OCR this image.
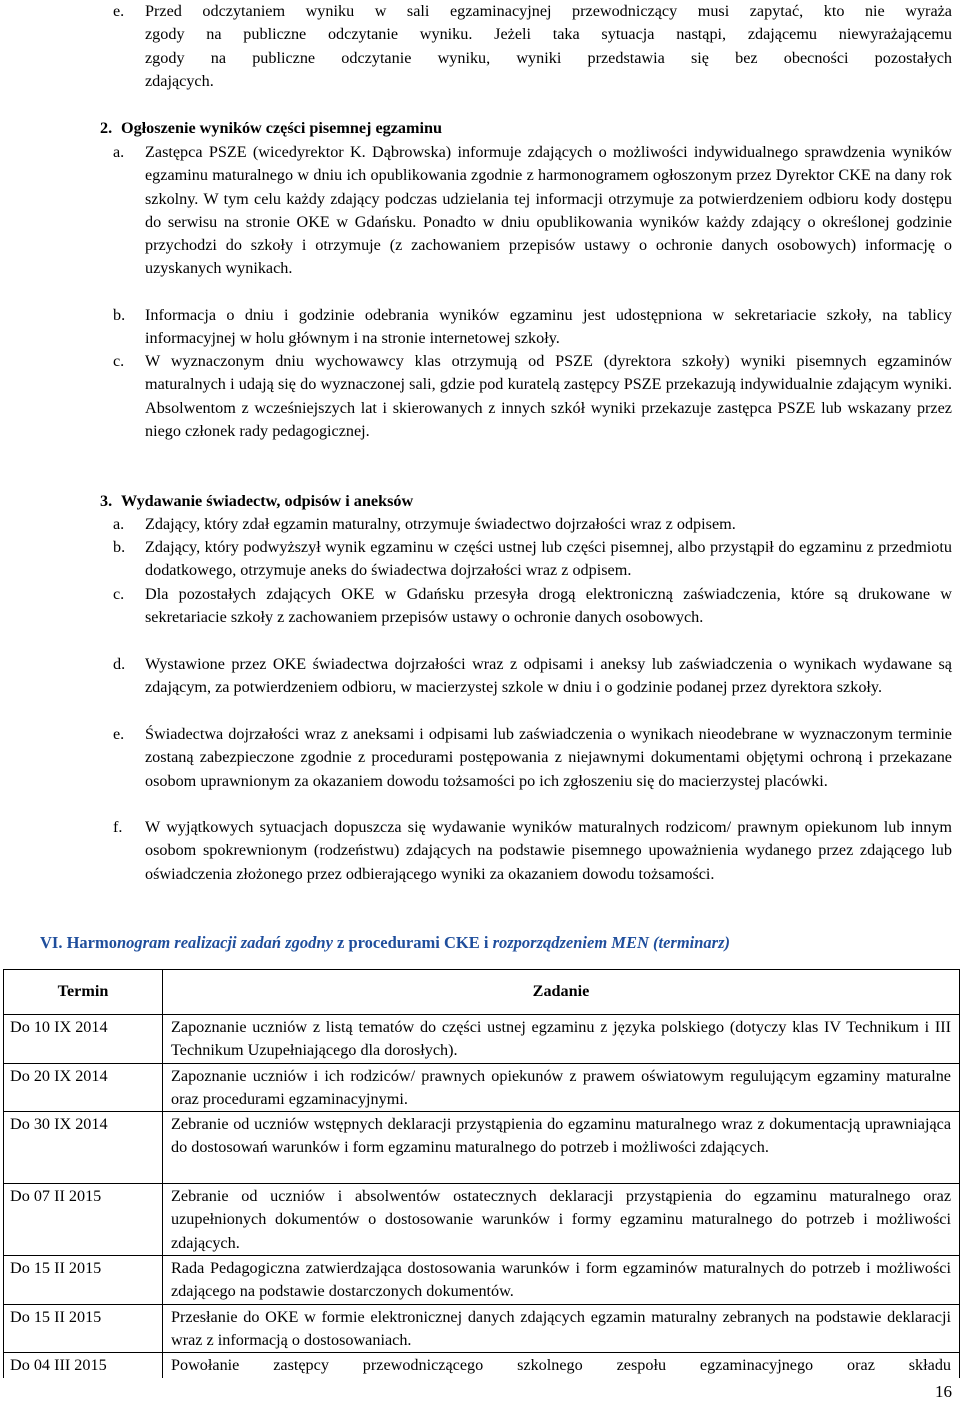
e. Przed odczytaniem wyniku w sali egzaminacyjnej przewodniczący musi zapytać, kto nie wyraża
zgody na publiczne odczytanie wyniku. Jeżeli taka sytuacja nastąpi, zdającemu niewyrażającemu
zgody na publiczne odczytanie wyniku, wyniki przedstawia się bez obecności pozostałych
zdających.
2. Ogłoszenie wyników części pisemnej egzaminu
a. Zastępca PSZE (wicedyrektor K. Dąbrowska) informuje zdających o możliwości indywidualnego sprawdzenia wyników egzaminu maturalnego w dniu ich opublikowania zgodnie z harmonogramem ogłoszonym przez Dyrektor CKE na dany rok szkolny. W tym celu każdy zdający podczas udzielania tej informacji otrzymuje za potwierdzeniem odbioru kody dostępu do serwisu na stronie OKE w Gdańsku. Ponadto w dniu opublikowania wyników każdy zdający o określonej godzinie przychodzi do szkoły i otrzymuje (z zachowaniem przepisów ustawy o ochronie danych osobowych) informację o uzyskanych wynikach.
b. Informacja o dniu i godzinie odebrania wyników egzaminu jest udostępniona w sekretariacie szkoły, na tablicy informacyjnej w holu głównym i na stronie internetowej szkoły.
c. W wyznaczonym dniu wychowawcy klas otrzymują od PSZE (dyrektora szkoły) wyniki pisemnych egzaminów maturalnych i udają się do wyznaczonej sali, gdzie pod kuratelą zastępcy PSZE przekazują indywidualnie zdającym wyniki. Absolwentom z wcześniejszych lat i skierowanych z innych szkół wyniki przekazuje zastępca PSZE lub wskazany przez niego członek rady pedagogicznej.
3. Wydawanie świadectw, odpisów i aneksów
a. Zdający, który zdał egzamin maturalny, otrzymuje świadectwo dojrzałości wraz z odpisem.
b. Zdający, który podwyższył wynik egzaminu w części ustnej lub części pisemnej, albo przystąpił do egzaminu z przedmiotu dodatkowego, otrzymuje aneks do świadectwa dojrzałości wraz z odpisem.
c. Dla pozostałych zdających OKE w Gdańsku przesyła drogą elektroniczną zaświadczenia, które są drukowane w sekretariacie szkoły z zachowaniem przepisów ustawy o ochronie danych osobowych.
d. Wystawione przez OKE świadectwa dojrzałości wraz z odpisami i aneksy lub zaświadczenia o wynikach wydawane są zdającym, za potwierdzeniem odbioru, w macierzystej szkole w dniu i o godzinie podanej przez dyrektora szkoły.
e. Świadectwa dojrzałości wraz z aneksami i odpisami lub zaświadczenia o wynikach nieodebrane w wyznaczonym terminie zostaną zabezpieczone zgodnie z procedurami postępowania z niejawnymi dokumentami objętymi ochroną i przekazane osobom uprawnionym za okazaniem dowodu tożsamości po ich zgłoszeniu się do macierzystej placówki.
f. W wyjątkowych sytuacjach dopuszcza się wydawanie wyników maturalnych rodzicom/ prawnym opiekunom lub innym osobom spokrewnionym (rodzeństwu) zdających na podstawie pisemnego upoważnienia wydanego przez zdającego lub oświadczenia złożonego przez odbierającego wyniki za okazaniem dowodu tożsamości.
VI. Harmonogram realizacji zadań zgodny z procedurami CKE i rozporządzeniem MEN (terminarz)
Termin	Zadanie
Do 10 IX 2014	Zapoznanie uczniów z listą tematów do części ustnej egzaminu z języka polskiego (dotyczy klas IV Technikum i III Technikum Uzupełniającego dla dorosłych).
Do 20 IX 2014	Zapoznanie uczniów i ich rodziców/ prawnych opiekunów z prawem oświatowym regulującym egzaminy maturalne oraz procedurami egzaminacyjnymi.
Do 30 IX 2014	Zebranie od uczniów wstępnych deklaracji przystąpienia do egzaminu maturalnego wraz z dokumentacją uprawniająca do dostosowań warunków i form egzaminu maturalnego do potrzeb i możliwości zdających.
Do 07 II 2015	Zebranie od uczniów i absolwentów ostatecznych deklaracji przystąpienia do egzaminu maturalnego oraz uzupełnionych dokumentów o dostosowanie warunków i formy egzaminu maturalnego do potrzeb i możliwości zdających.
Do 15 II 2015	Rada Pedagogiczna zatwierdzająca dostosowania warunków i form egzaminów maturalnych do potrzeb i możliwości zdającego na podstawie dostarczonych dokumentów.
Do 15 II 2015	Przesłanie do OKE w formie elektronicznej danych zdających egzamin maturalny zebranych na podstawie deklaracji wraz z informacją o dostosowaniach.
Do 04 III 2015	Powołanie zastępcy przewodniczącego szkolnego zespołu egzaminacyjnego oraz składu
16
